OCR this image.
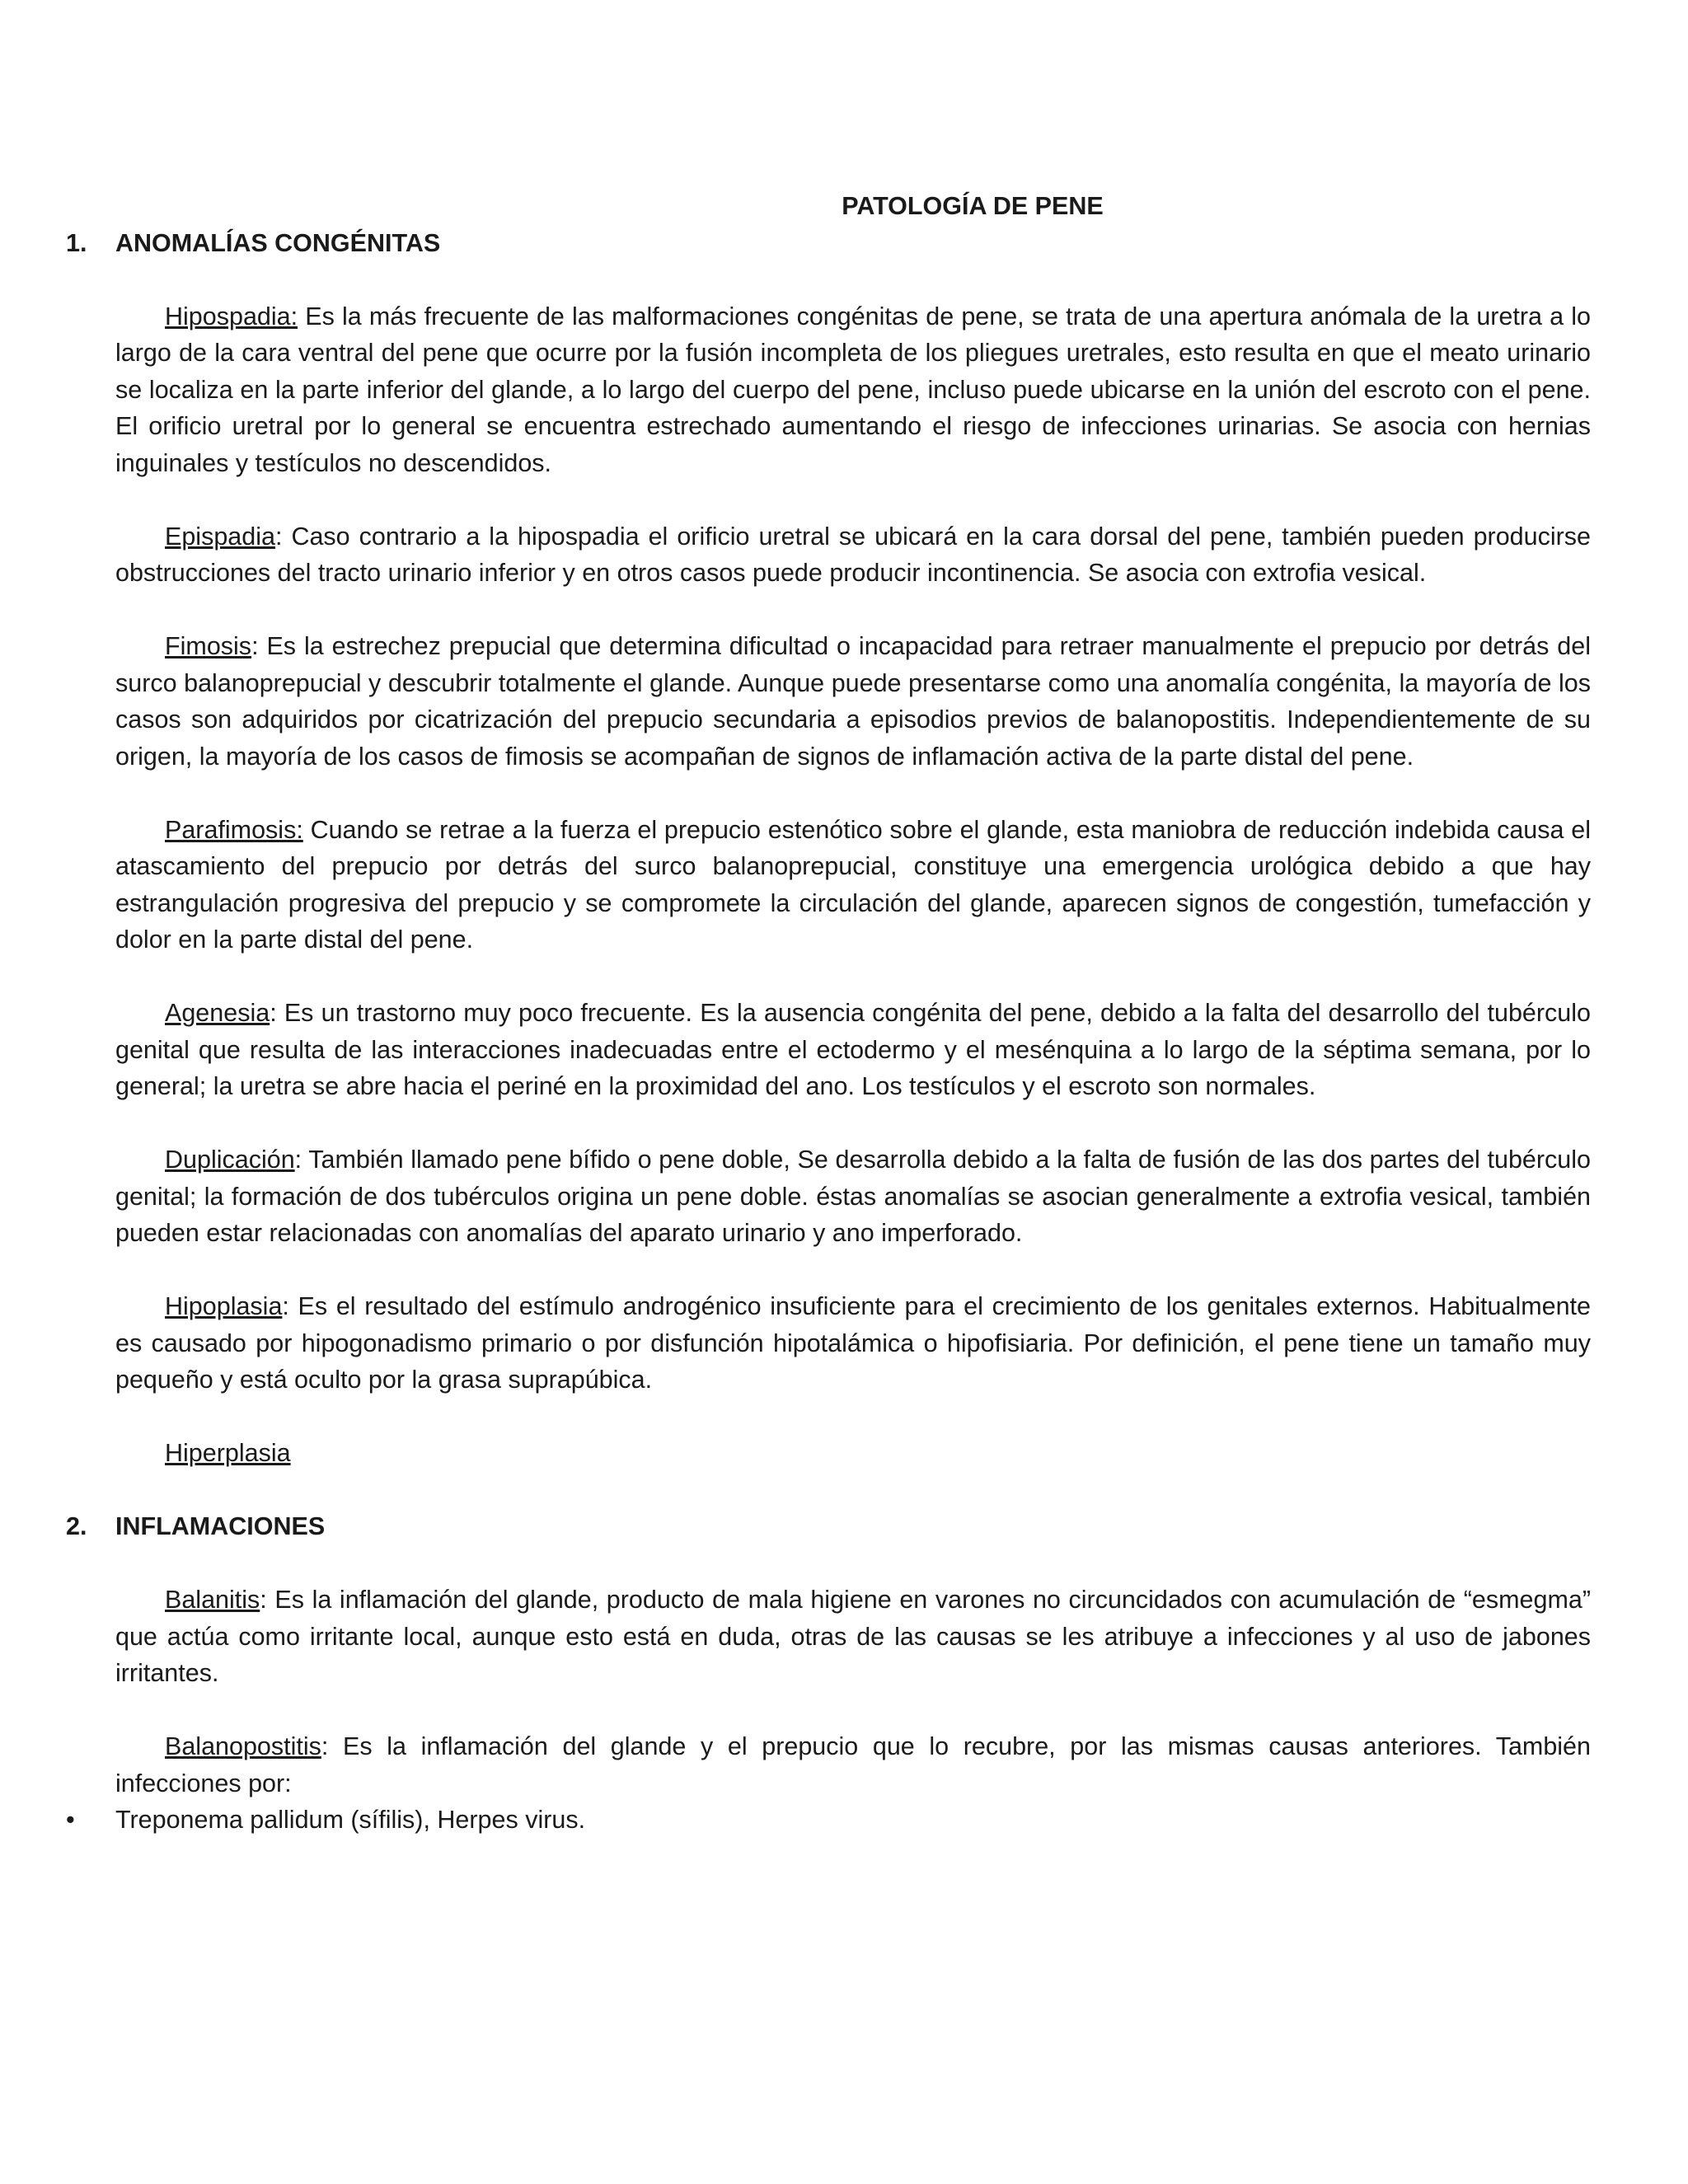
PATOLOGÍA DE PENE

1. ANOMALÍAS CONGÉNITAS

Hipospadia: Es la más frecuente de las malformaciones congénitas de pene, se trata de una apertura anómala de la uretra a lo largo de la cara ventral del pene que ocurre por la fusión incompleta de los pliegues uretrales, esto resulta en que el meato urinario se localiza en la parte inferior del glande, a lo largo del cuerpo del pene, incluso puede ubicarse en la unión del escroto con el pene. El orificio uretral por lo general se encuentra estrechado aumentando el riesgo de infecciones urinarias. Se asocia con hernias inguinales y testículos no descendidos.

Epispadia: Caso contrario a la hipospadia el orificio uretral se ubicará en la cara dorsal del pene, también pueden producirse obstrucciones del tracto urinario inferior y en otros casos puede producir incontinencia. Se asocia con extrofia vesical.

Fimosis: Es la estrechez prepucial que determina dificultad o incapacidad para retraer manualmente el prepucio por detrás del surco balanoprepucial y descubrir totalmente el glande. Aunque puede presentarse como una anomalía congénita, la mayoría de los casos son adquiridos por cicatrización del prepucio secundaria a episodios previos de balanopostitis. Independientemente de su origen, la mayoría de los casos de fimosis se acompañan de signos de inflamación activa de la parte distal del pene.

Parafimosis: Cuando se retrae a la fuerza el prepucio estenótico sobre el glande, esta maniobra de reducción indebida causa el atascamiento del prepucio por detrás del surco balanoprepucial, constituye una emergencia urológica debido a que hay estrangulación progresiva del prepucio y se compromete la circulación del glande, aparecen signos de congestión, tumefacción y dolor en la parte distal del pene.

Agenesia: Es un trastorno muy poco frecuente. Es la ausencia congénita del pene, debido a la falta del desarrollo del tubérculo genital que resulta de las interacciones inadecuadas entre el ectodermo y el mesénquina a lo largo de la séptima semana, por lo general; la uretra se abre hacia el periné en la proximidad del ano. Los testículos y el escroto son normales.

Duplicación: También llamado pene bífido o pene doble, Se desarrolla debido a la falta de fusión de las dos partes del tubérculo genital; la formación de dos tubérculos origina un pene doble. éstas anomalías se asocian generalmente a extrofia vesical, también pueden estar relacionadas con anomalías del aparato urinario y ano imperforado.

Hipoplasia: Es el resultado del estímulo androgénico insuficiente para el crecimiento de los genitales externos. Habitualmente es causado por hipogonadismo primario o por disfunción hipotalámica o hipofisiaria. Por definición, el pene tiene un tamaño muy pequeño y está oculto por la grasa suprapúbica.

Hiperplasia

2. INFLAMACIONES

Balanitis: Es la inflamación del glande, producto de mala higiene en varones no circuncidados con acumulación de “esmegma” que actúa como irritante local, aunque esto está en duda, otras de las causas se les atribuye a infecciones y al uso de jabones irritantes.

Balanopostitis: Es la inflamación del glande y el prepucio que lo recubre, por las mismas causas anteriores. También infecciones por:

• Treponema pallidum (sífilis), Herpes virus.
